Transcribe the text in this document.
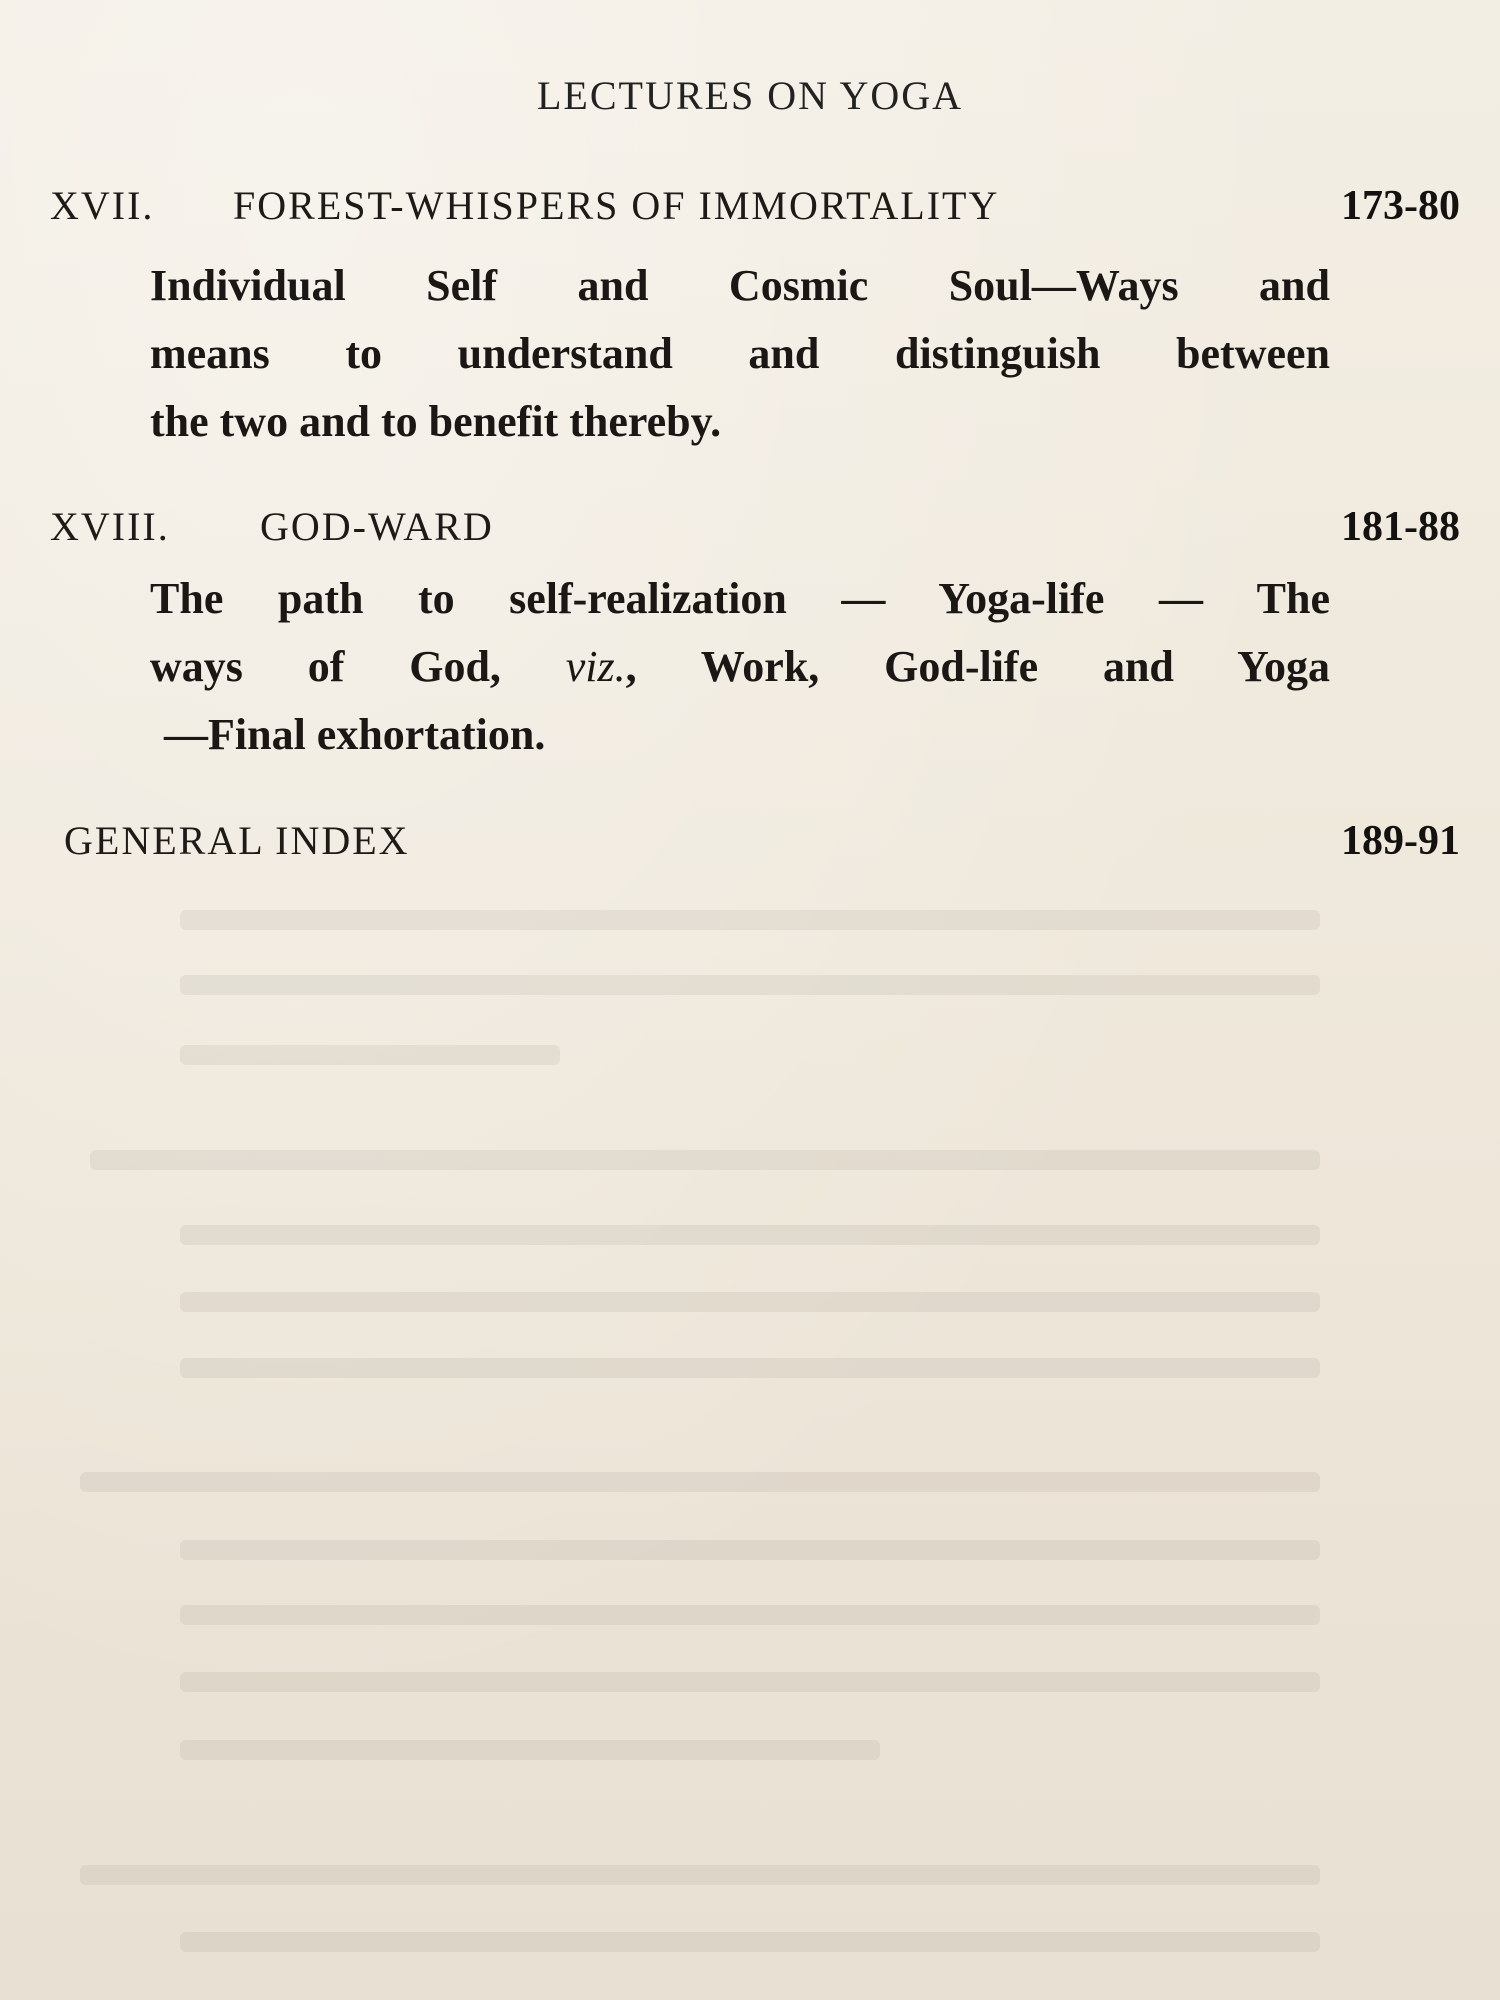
LECTURES ON YOGA
XVII. FOREST-WHISPERS OF IMMORTALITY	173-80

Individual Self and Cosmic Soul—Ways and

means to understand and distinguish between

the two and to benefit thereby.

XVIII. GOD-WARD	181-88

The path to self-realization — Yoga-life — The

ways of God, viz., Work, God-life and Yoga

—Final exhortation.

GENERAL INDEX	189-91
